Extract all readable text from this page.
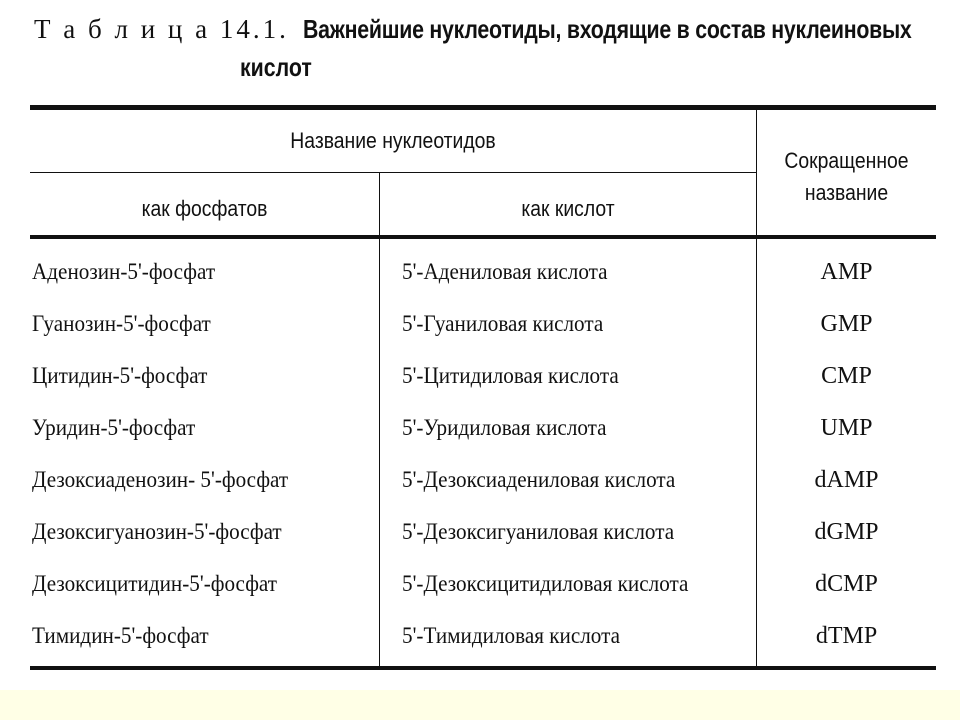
Т а б л и ц а 14.1. Важнейшие нуклеотиды, входящие в состав нуклеиновых
кислот
Название нуклеотидов
как фосфатов	как кислот
Сокращенное
название
Аденозин-5'-фосфат	5'-Адениловая кислота	AMP
Гуанозин-5'-фосфат	5'-Гуаниловая кислота	GMP
Цитидин-5'-фосфат	5'-Цитидиловая кислота	CMP
Уридин-5'-фосфат	5'-Уридиловая кислота	UMP
Дезоксиаденозин- 5'-фосфат	5'-Дезоксиадениловая кислота	dAMP
Дезоксигуанозин-5'-фосфат	5'-Дезоксигуаниловая кислота	dGMP
Дезоксицитидин-5'-фосфат	5'-Дезоксицитидиловая кислота	dCMP
Тимидин-5'-фосфат	5'-Тимидиловая кислота	dTMP
